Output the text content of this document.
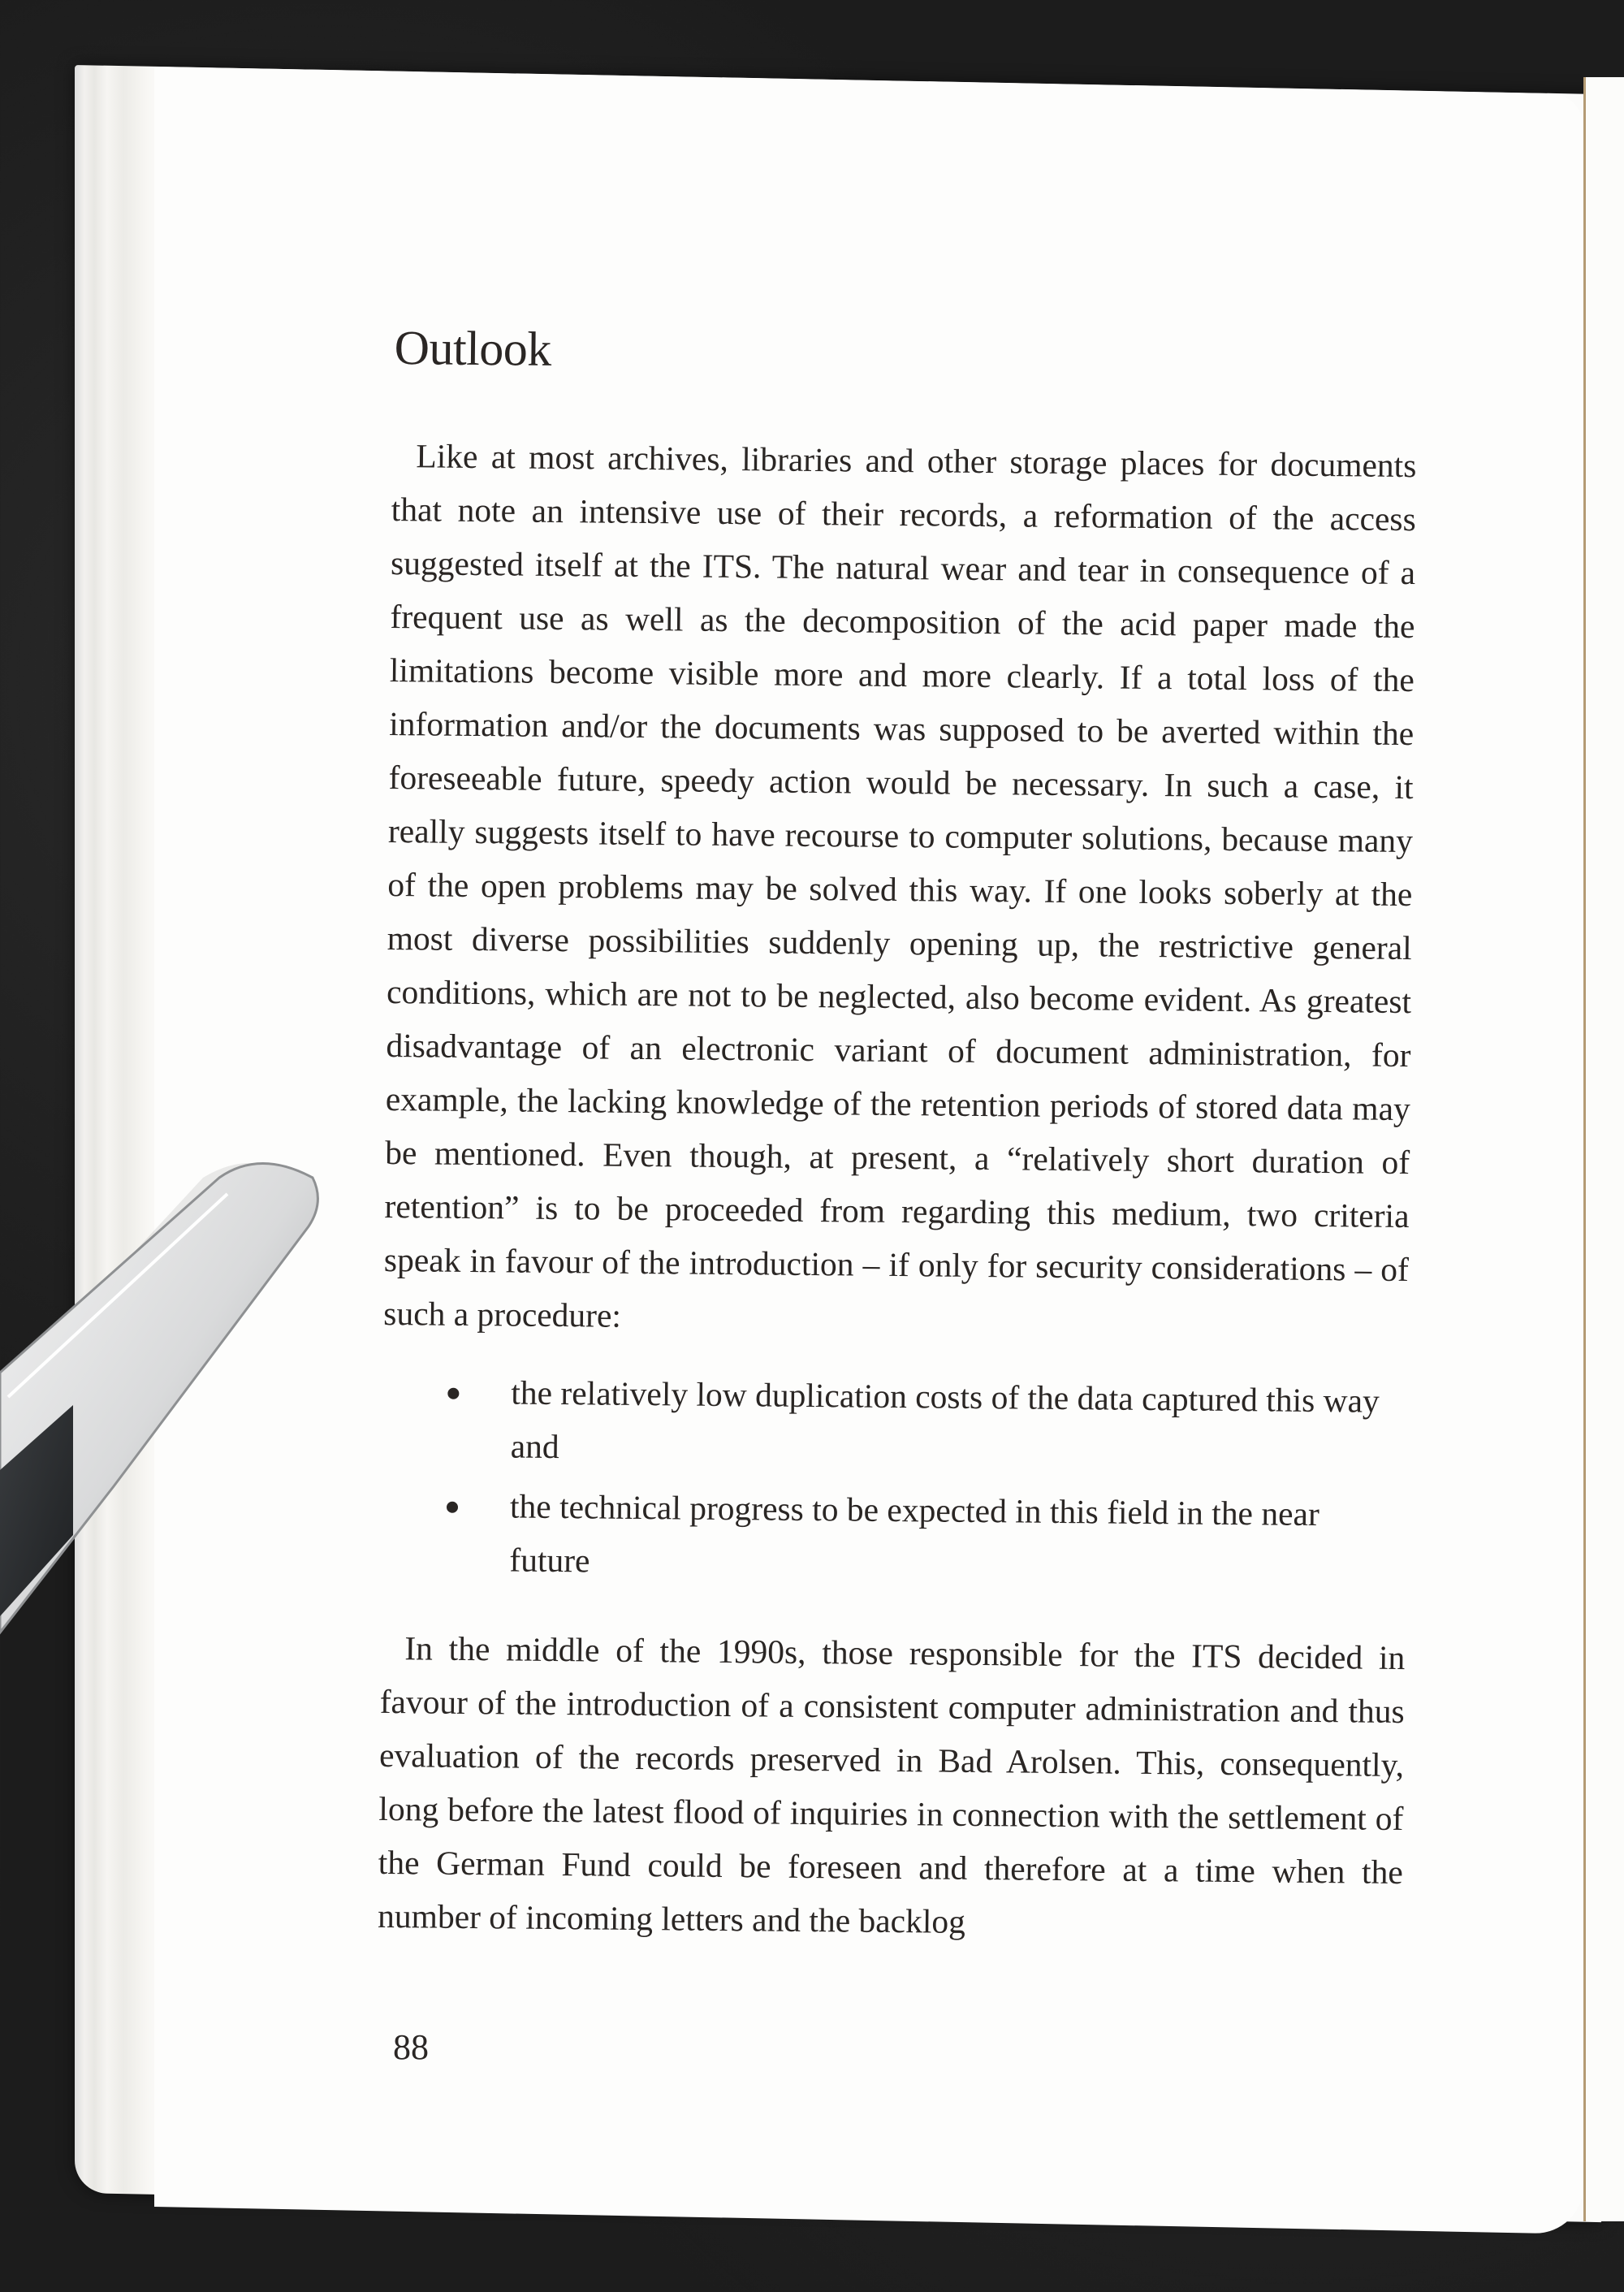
Outlook

Like at most archives, libraries and other storage places for documents that note an intensive use of their records, a reformation of the access suggested itself at the ITS. The natural wear and tear in consequence of a frequent use as well as the decomposition of the acid paper made the limitations become visible more and more clearly. If a total loss of the information and/or the documents was supposed to be averted within the foreseeable future, speedy action would be necessary. In such a case, it really suggests itself to have recourse to computer solutions, because many of the open problems may be solved this way. If one looks soberly at the most diverse possibilities suddenly opening up, the restrictive general conditions, which are not to be neglected, also become evident. As greatest disadvantage of an electronic variant of document administration, for example, the lacking knowledge of the retention periods of stored data may be mentioned. Even though, at present, a “relatively short duration of retention” is to be proceeded from regarding this medium, two criteria speak in favour of the introduction – if only for security considerations – of such a procedure:

the relatively low duplication costs of the data captured this way and
the technical progress to be expected in this field in the near future

In the middle of the 1990s, those responsible for the ITS decided in favour of the introduction of a consistent computer administration and thus evaluation of the records preserved in Bad Arolsen. This, consequently, long before the latest flood of inquiries in connection with the settlement of the German Fund could be foreseen and therefore at a time when the number of incoming letters and the backlog

88
